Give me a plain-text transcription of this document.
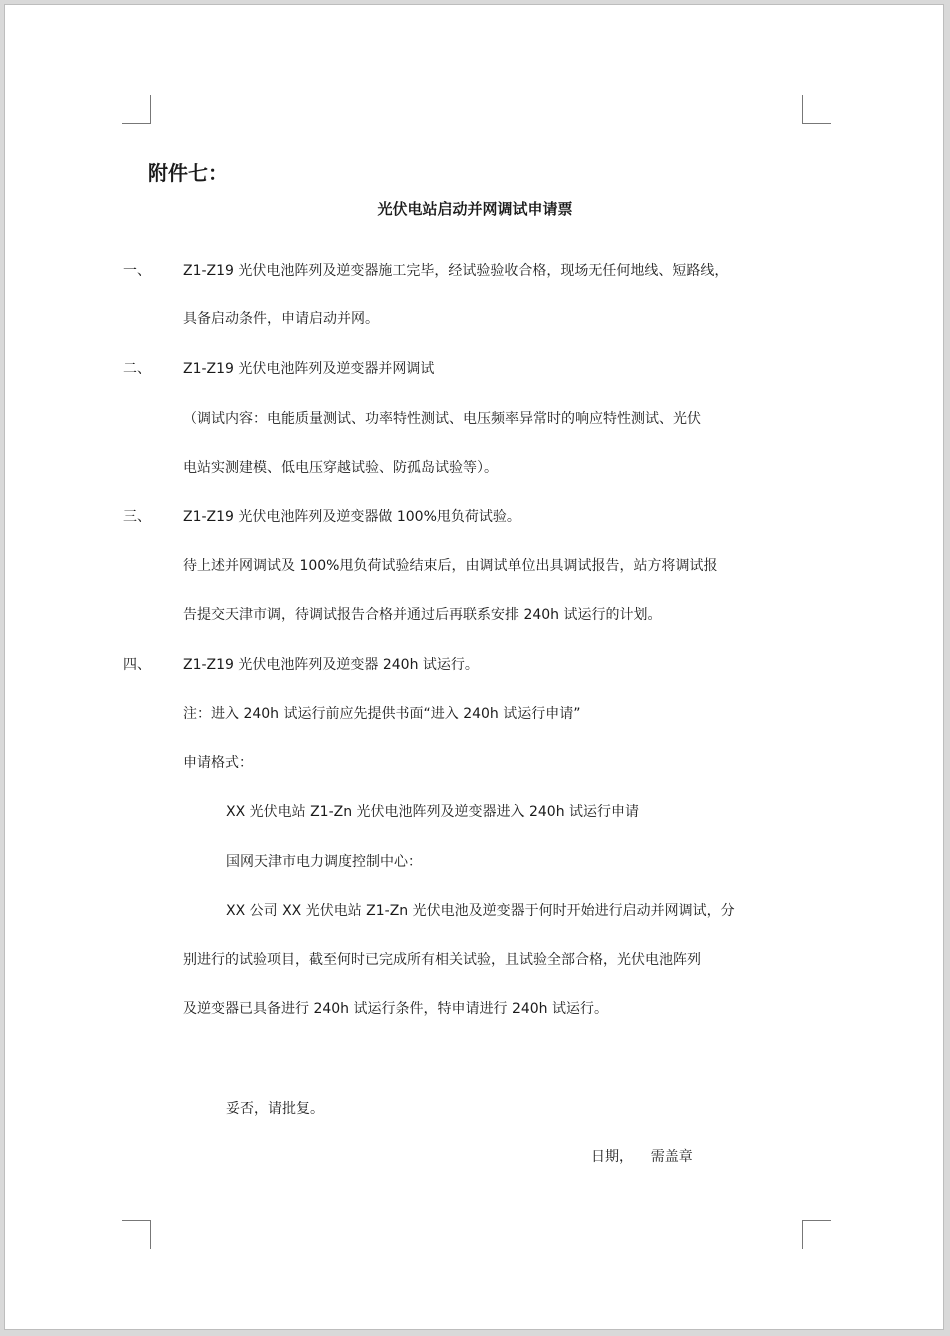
附件七：
光伏电站启动并网调试申请票
一、 Z1-Z19 光伏电池阵列及逆变器施工完毕，经试验验收合格，现场无任何地线、短路线，
具备启动条件，申请启动并网。
二、 Z1-Z19 光伏电池阵列及逆变器并网调试
（调试内容：电能质量测试、功率特性测试、电压频率异常时的响应特性测试、光伏
电站实测建模、低电压穿越试验、防孤岛试验等）。
三、 Z1-Z19 光伏电池阵列及逆变器做 100%甩负荷试验。
待上述并网调试及 100%甩负荷试验结束后，由调试单位出具调试报告，站方将调试报
告提交天津市调，待调试报告合格并通过后再联系安排 240h 试运行的计划。
四、 Z1-Z19 光伏电池阵列及逆变器 240h 试运行。
注：进入 240h 试运行前应先提供书面“进入 240h 试运行申请”
申请格式：
XX 光伏电站 Z1-Zn 光伏电池阵列及逆变器进入 240h 试运行申请
国网天津市电力调度控制中心：
XX 公司 XX 光伏电站 Z1-Zn 光伏电池及逆变器于何时开始进行启动并网调试，分
别进行的试验项目，截至何时已完成所有相关试验，且试验全部合格，光伏电池阵列
及逆变器已具备进行 240h 试运行条件，特申请进行 240h 试运行。
妥否，请批复。
日期，    需盖章
